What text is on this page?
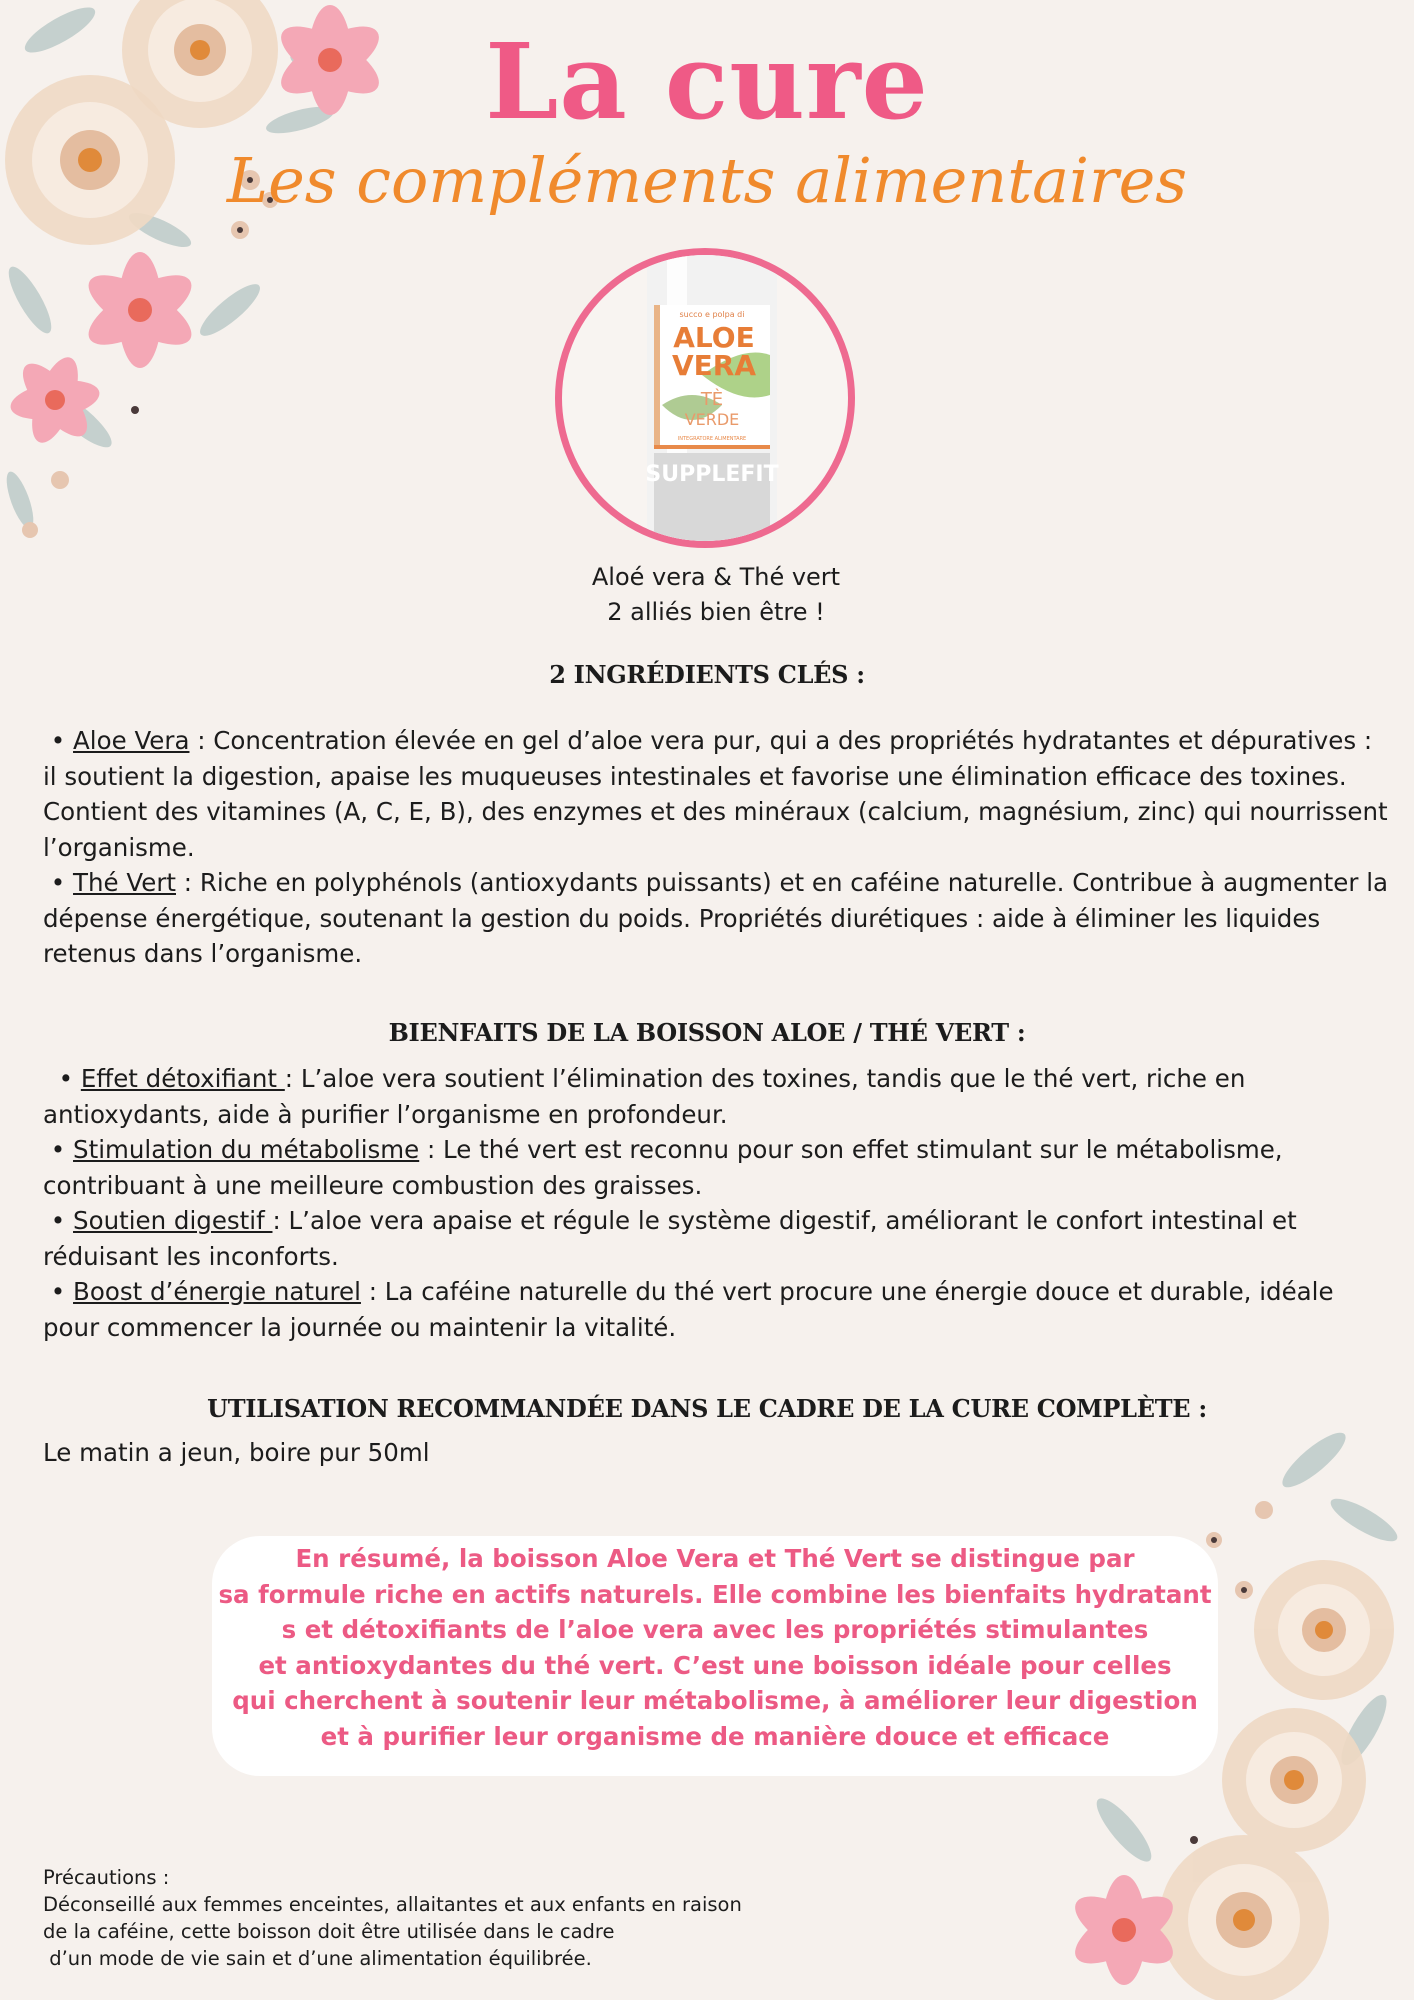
La cure
Les compléments alimentaires
succo e polpa di
ALOE
VERA
TÈ
VERDE
INTEGRATORE ALIMENTARE
SUPPLEFIT
Aloé vera & Thé vert
2 alliés bien être !
2 INGRÉDIENTS CLÉS :

• Aloe Vera : Concentration élevée en gel d’aloe vera pur, qui a des propriétés hydratantes et dépuratives : il soutient la digestion, apaise les muqueuses intestinales et favorise une élimination efficace des toxines. Contient des vitamines (A, C, E, B), des enzymes et des minéraux (calcium, magnésium, zinc) qui nourrissent l’organisme.

• Thé Vert : Riche en polyphénols (antioxydants puissants) et en caféine naturelle. Contribue à augmenter la dépense énergétique, soutenant la gestion du poids. Propriétés diurétiques : aide à éliminer les liquides retenus dans l’organisme.

BIENFAITS DE LA BOISSON ALOE / THÉ VERT :

• Effet détoxifiant : L’aloe vera soutient l’élimination des toxines, tandis que le thé vert, riche en antioxydants, aide à purifier l’organisme en profondeur.

• Stimulation du métabolisme : Le thé vert est reconnu pour son effet stimulant sur le métabolisme, contribuant à une meilleure combustion des graisses.

• Soutien digestif : L’aloe vera apaise et régule le système digestif, améliorant le confort intestinal et réduisant les inconforts.

• Boost d’énergie naturel : La caféine naturelle du thé vert procure une énergie douce et durable, idéale pour commencer la journée ou maintenir la vitalité.

UTILISATION RECOMMANDÉE DANS LE CADRE DE LA CURE COMPLÈTE :
Le matin a jeun, boire pur 50ml
En résumé, la boisson Aloe Vera et Thé Vert se distingue par
sa formule riche en actifs naturels. Elle combine les bienfaits hydratant
s et détoxifiants de l’aloe vera avec les propriétés stimulantes
et antioxydantes du thé vert. C’est une boisson idéale pour celles
qui cherchent à soutenir leur métabolisme, à améliorer leur digestion
et à purifier leur organisme de manière douce et efficace
Précautions :
Déconseillé aux femmes enceintes, allaitantes et aux enfants en raison
de la caféine, cette boisson doit être utilisée dans le cadre
d’un mode de vie sain et d’une alimentation équilibrée.
